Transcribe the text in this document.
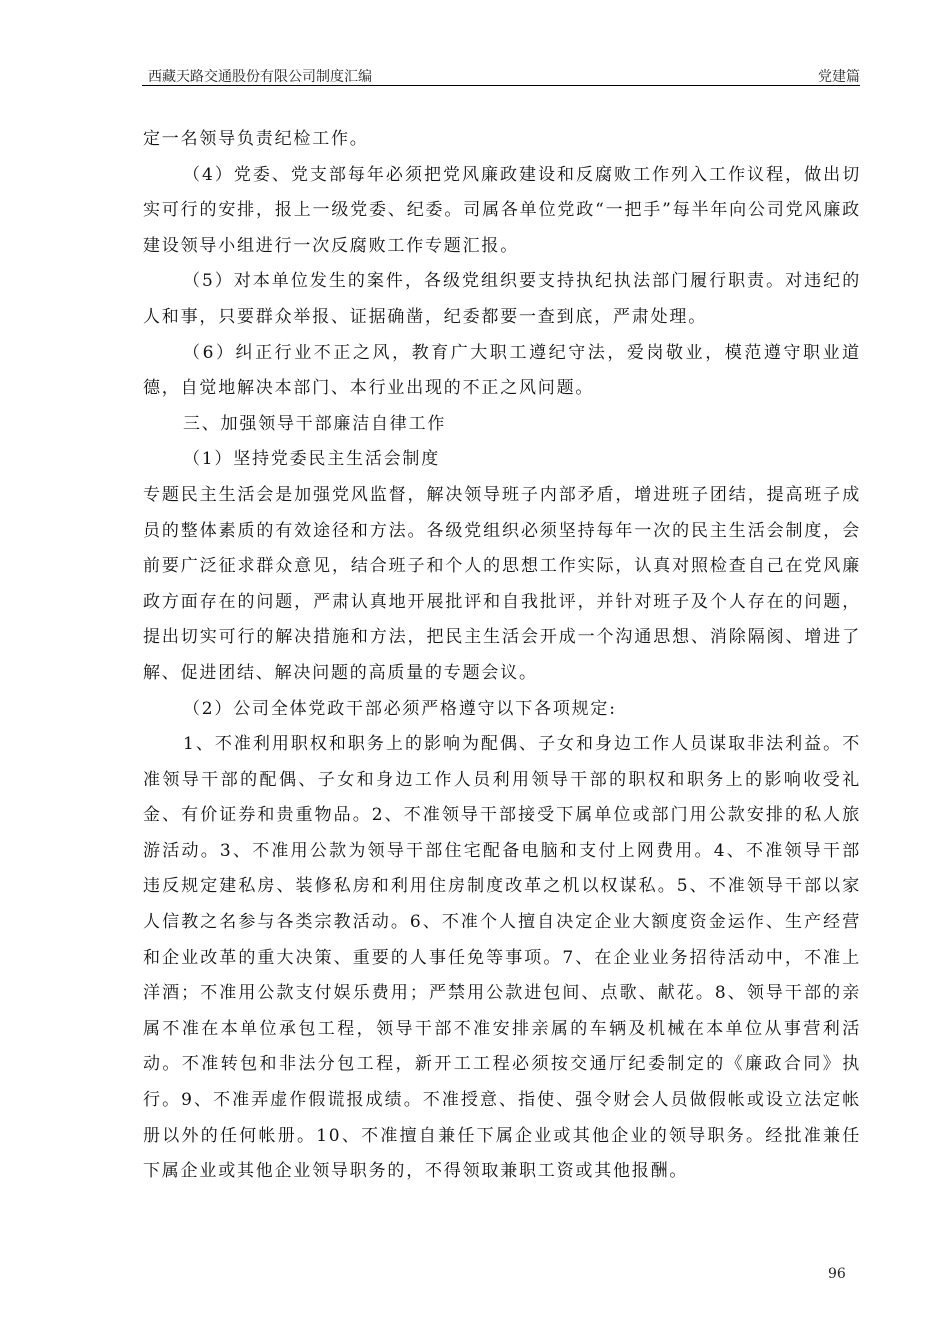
西藏天路交通股份有限公司制度汇编	党建篇

定一名领导负责纪检工作。

（4）党委、党支部每年必须把党风廉政建设和反腐败工作列入工作议程，做出切实可行的安排，报上一级党委、纪委。司属各单位党政“一把手”每半年向公司党风廉政建设领导小组进行一次反腐败工作专题汇报。

（5）对本单位发生的案件，各级党组织要支持执纪执法部门履行职责。对违纪的人和事，只要群众举报、证据确凿，纪委都要一查到底，严肃处理。

（6）纠正行业不正之风，教育广大职工遵纪守法，爱岗敬业，模范遵守职业道德，自觉地解决本部门、本行业出现的不正之风问题。

三、加强领导干部廉洁自律工作

（1）坚持党委民主生活会制度

专题民主生活会是加强党风监督，解决领导班子内部矛盾，增进班子团结，提高班子成员的整体素质的有效途径和方法。各级党组织必须坚持每年一次的民主生活会制度，会前要广泛征求群众意见，结合班子和个人的思想工作实际，认真对照检查自己在党风廉政方面存在的问题，严肃认真地开展批评和自我批评，并针对班子及个人存在的问题，提出切实可行的解决措施和方法，把民主生活会开成一个沟通思想、消除隔阂、增进了解、促进团结、解决问题的高质量的专题会议。

（2）公司全体党政干部必须严格遵守以下各项规定:

1、不准利用职权和职务上的影响为配偶、子女和身边工作人员谋取非法利益。不准领导干部的配偶、子女和身边工作人员利用领导干部的职权和职务上的影响收受礼金、有价证券和贵重物品。2、不准领导干部接受下属单位或部门用公款安排的私人旅游活动。3、不准用公款为领导干部住宅配备电脑和支付上网费用。4、不准领导干部违反规定建私房、装修私房和利用住房制度改革之机以权谋私。5、不准领导干部以家人信教之名参与各类宗教活动。6、不准个人擅自决定企业大额度资金运作、生产经营和企业改革的重大决策、重要的人事任免等事项。7、在企业业务招待活动中，不准上洋酒；不准用公款支付娱乐费用；严禁用公款进包间、点歌、献花。8、领导干部的亲属不准在本单位承包工程，领导干部不准安排亲属的车辆及机械在本单位从事营利活动。不准转包和非法分包工程，新开工工程必须按交通厅纪委制定的《廉政合同》执行。9、不准弄虚作假谎报成绩。不准授意、指使、强令财会人员做假帐或设立法定帐册以外的任何帐册。10、不准擅自兼任下属企业或其他企业的领导职务。经批准兼任下属企业或其他企业领导职务的，不得领取兼职工资或其他报酬。

96
